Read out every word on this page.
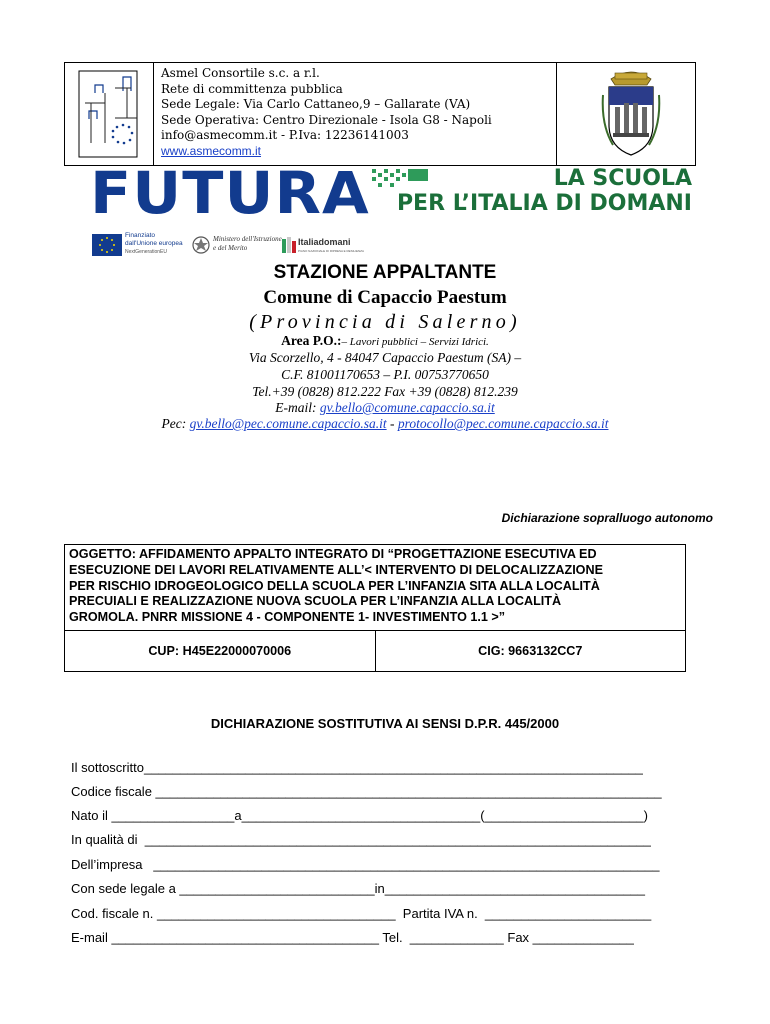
Asmel Consortile s.c. a r.l.
Rete di committenza pubblica
Sede Legale: Via Carlo Cattaneo,9 – Gallarate (VA)
Sede Operativa: Centro Direzionale - Isola G8 - Napoli
info@asmecomm.it - P.Iva: 12236141003
www.asmecomm.it
FUTURA	LA SCUOLA
PER L’ITALIA DI DOMANI
Finanziato
dall'Unione europea
NextGenerationEU
Ministero dell'Istruzione
e del Merito
Italiadomani
PIANO NAZIONALE DI RIPRESA E RESILIENZA
STAZIONE APPALTANTE
Comune di Capaccio Paestum
(Provincia di Salerno)
Area P.O.:– Lavori pubblici – Servizi Idrici.
Via Scorzello, 4 - 84047 Capaccio Paestum (SA) –
C.F. 81001170653 – P.I. 00753770650
Tel.+39 (0828) 812.222 Fax +39 (0828) 812.239
E-mail: gv.bello@comune.capaccio.sa.it
Pec: gv.bello@pec.comune.capaccio.sa.it - protocollo@pec.comune.capaccio.sa.it
Dichiarazione sopralluogo autonomo
OGGETTO: AFFIDAMENTO APPALTO INTEGRATO DI “PROGETTAZIONE ESECUTIVA ED
ESECUZIONE DEI LAVORI RELATIVAMENTE ALL’< INTERVENTO DI DELOCALIZZAZIONE
PER RISCHIO IDROGEOLOGICO DELLA SCUOLA PER L’INFANZIA SITA ALLA LOCALITÀ
PRECUIALI E REALIZZAZIONE NUOVA SCUOLA PER L’INFANZIA ALLA LOCALITÀ
GROMOLA. PNRR MISSIONE 4 - COMPONENTE 1- INVESTIMENTO 1.1 >”
CUP: H45E22000070006	CIG: 9663132CC7
DICHIARAZIONE SOSTITUTIVA AI SENSI D.P.R. 445/2000
Il sottoscritto_____________________________________________________________________
Codice fiscale ______________________________________________________________________
Nato il _________________a_________________________________(______________________)
In qualità di  ______________________________________________________________________
Dell’impresa   ______________________________________________________________________
Con sede legale a ___________________________in____________________________________
Cod. fiscale n. _________________________________  Partita IVA n.  _______________________
E-mail _____________________________________ Tel.  _____________ Fax ______________
